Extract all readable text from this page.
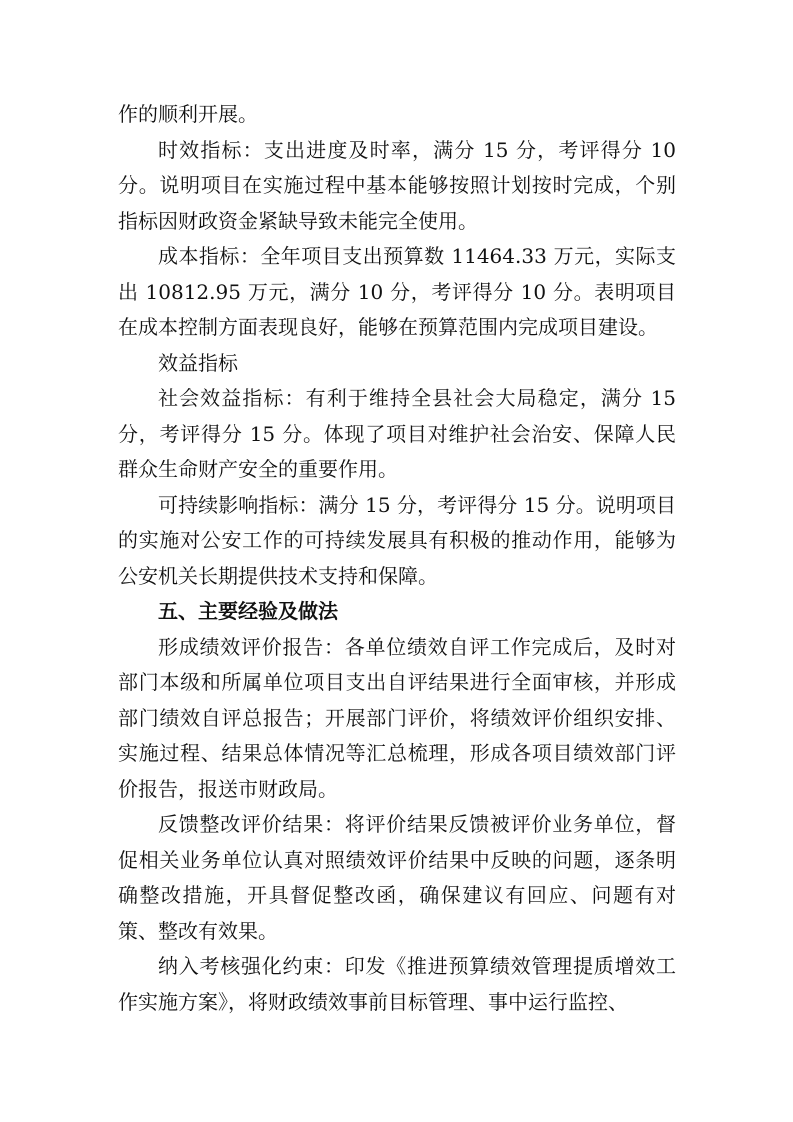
作的顺利开展。

时效指标：支出进度及时率，满分 15 分，考评得分 10 分。说明项目在实施过程中基本能够按照计划按时完成，个别指标因财政资金紧缺导致未能完全使用。

成本指标：全年项目支出预算数 11464.33 万元，实际支出 10812.95 万元，满分 10 分，考评得分 10 分。表明项目在成本控制方面表现良好，能够在预算范围内完成项目建设。

效益指标

社会效益指标：有利于维持全县社会大局稳定，满分 15 分，考评得分 15 分。体现了项目对维护社会治安、保障人民群众生命财产安全的重要作用。

可持续影响指标：满分 15 分，考评得分 15 分。说明项目的实施对公安工作的可持续发展具有积极的推动作用，能够为公安机关长期提供技术支持和保障。

五、主要经验及做法

形成绩效评价报告：各单位绩效自评工作完成后，及时对部门本级和所属单位项目支出自评结果进行全面审核，并形成部门绩效自评总报告；开展部门评价，将绩效评价组织安排、实施过程、结果总体情况等汇总梳理，形成各项目绩效部门评价报告，报送市财政局。

反馈整改评价结果：将评价结果反馈被评价业务单位，督促相关业务单位认真对照绩效评价结果中反映的问题，逐条明确整改措施，开具督促整改函，确保建议有回应、问题有对策、整改有效果。

纳入考核强化约束：印发《推进预算绩效管理提质增效工作实施方案》，将财政绩效事前目标管理、事中运行监控、
